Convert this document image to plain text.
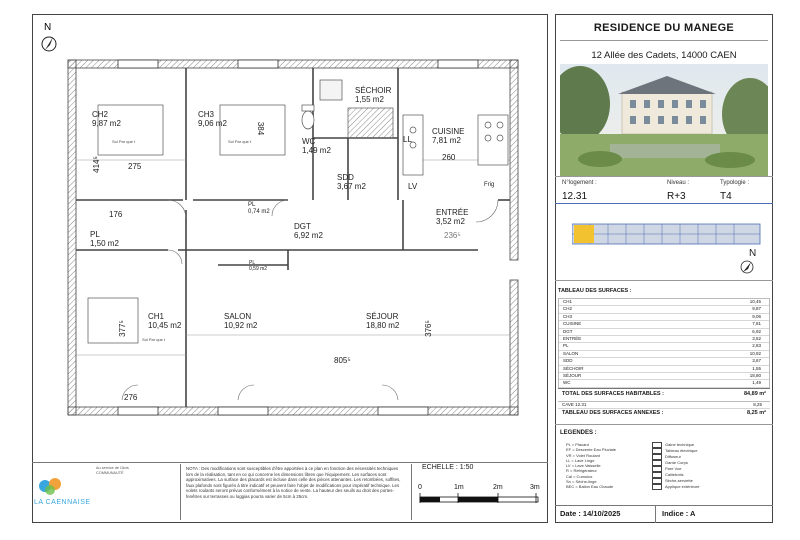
N
CH2
9,87 m2
CH3
9,06 m2
SÉCHOIR
1,55 m2
CUISINE
7,81 m2
WC
1,49 m2
SDD
3,67 m2
PL
0,74 m2
DGT
6,92 m2
ENTRÉE
3,52 m2
PL
1,50 m2
CH1
10,45 m2
SALON
10,92 m2
SÉJOUR
18,80 m2
PL
0,59 m2
275
260
414⁵
384
176
236⁵
276
805⁵
377⁵	376⁵
LL
LV	Frig
Sol Par que t	Sol Par que t
Sol Par que t
LA CAENNAISE
Au service de l'Avis
COMMUNAUTÉ
NOTA : Des modifications sont susceptibles d'être apportées à ce plan en fonction des nécessités techniques lors de la réalisation, tant en ce qui concerne les dimensions libres que l'équipement. Les surfaces sont approximatives. La surface des placards est incluse dans celle des pièces attenantes. Les retombées, soffites, faux plafonds sont figurés à titre indicatif et peuvent faire l'objet de modifications pour impératif technique. Les volets roulants seront prévus conformément à la notice de vente. La hauteur des seuils au droit des portes-fenêtres sur terrasses ou loggias pourra varier de 5cm à 25cm.
ECHELLE : 1:50
0	1m	2m	3m
RESIDENCE DU MANEGE
12 Allée des Cadets, 14000 CAEN
N°logement :	Niveau :	Typologie :
12.31	R+3	T4
N
TABLEAU DES SURFACES :
CH1	10,45
CH2	9,87
CH3	9,06
CUISINE	7,81
DGT	6,92
ENTRÉE	3,52
PL	2,83
SALON	10,92
SDD	3,67
SÉCHOIR	1,55
SÉJOUR	18,80
WC	1,49
TOTAL DES SURFACES HABITABLES :	84,89 m²
CAVE 12.31	8,25
TABLEAU DES SURFACES ANNEXES :	8,25 m²
LEGENDES :
PL = Placard
EF = Descente Eau Pluviale
VR = Volet Roulant
LL = Lave Linge
LV = Lave Vaisselle
R = Réfrigérateur
Cal = Cumulus
Sn = Séche-linge
BEC = Ballon Eau Chaude
Gaine technique
Tableau électrique
Diffuseur
Garde Corps
Pare Vue
Caillebotis
Sèche-serviette
Applique extérieure
Date : 14/10/2025	Indice : A
